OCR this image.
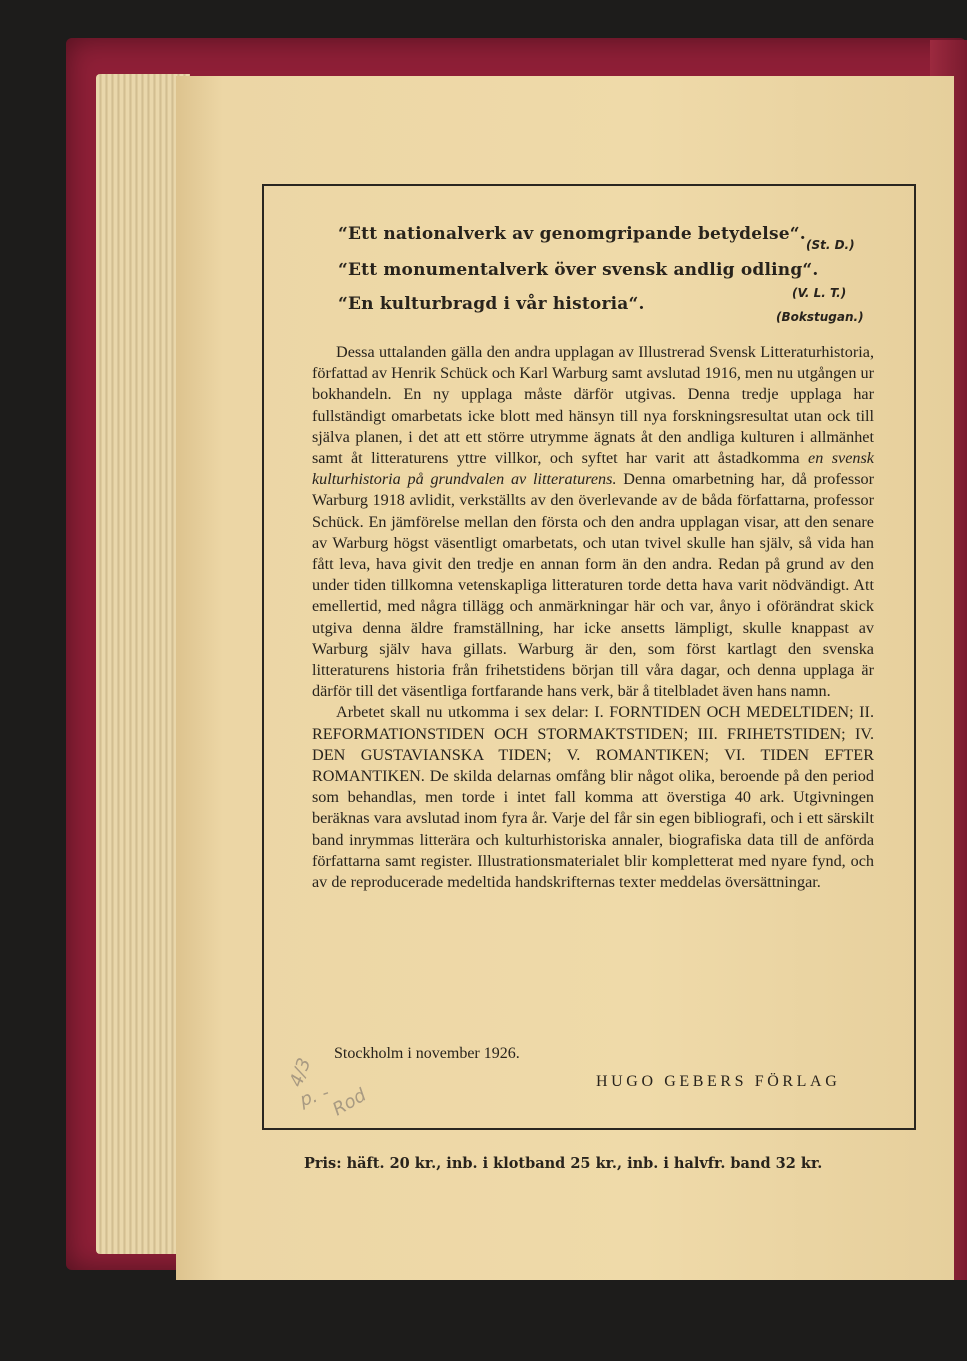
“Ett nationalverk av genomgripande betydelse“.
(St. D.)
“Ett monumentalverk över svensk andlig odling“.
(V. L. T.)
“En kulturbragd i vår historia“.
(Bokstugan.)

Dessa uttalanden gälla den andra upplagan av Illustrerad Svensk Litteraturhistoria, författad av Henrik Schück och Karl Warburg samt avslutad 1916, men nu utgången ur bokhandeln. En ny upplaga måste därför utgivas. Denna tredje upplaga har fullständigt omarbetats icke blott med hänsyn till nya forskningsresultat utan ock till själva planen, i det att ett större utrymme ägnats åt den andliga kulturen i allmänhet samt åt litteraturens yttre villkor, och syftet har varit att åstadkomma en svensk kulturhistoria på grundvalen av litteraturens. Denna omarbetning har, då professor Warburg 1918 avlidit, verkställts av den överlevande av de båda författarna, professor Schück. En jämförelse mellan den första och den andra upplagan visar, att den senare av Warburg högst väsentligt omarbetats, och utan tvivel skulle han själv, så vida han fått leva, hava givit den tredje en annan form än den andra. Redan på grund av den under tiden tillkomna vetenskapliga litteraturen torde detta hava varit nödvändigt. Att emellertid, med några tillägg och anmärkningar här och var, ånyo i oförändrat skick utgiva denna äldre framställning, har icke ansetts lämpligt, skulle knappast av Warburg själv hava gillats. Warburg är den, som först kartlagt den svenska litteraturens historia från frihetstidens början till våra dagar, och denna upplaga är därför till det väsentliga fortfarande hans verk, bär å titelbladet även hans namn.

Arbetet skall nu utkomma i sex delar: I. FORNTIDEN OCH MEDELTIDEN; II. REFORMATIONSTIDEN OCH STORMAKTSTIDEN; III. FRIHETSTIDEN; IV. DEN GUSTAVIANSKA TIDEN; V. ROMANTIKEN; VI. TIDEN EFTER ROMANTIKEN. De skilda delarnas omfång blir något olika, beroende på den period som behandlas, men torde i intet fall komma att överstiga 40 ark. Utgivningen beräknas vara avslutad inom fyra år. Varje del får sin egen bibliografi, och i ett särskilt band inrymmas litterära och kulturhistoriska annaler, biografiska data till de anförda författarna samt register. Illustrationsmaterialet blir kompletterat med nyare fynd, och av de reproducerade medeltida handskrifternas texter meddelas översättningar.

Stockholm i november 1926.
HUGO GEBERS FÖRLAG
4/3
p. -
Rod
Pris: häft. 20 kr., inb. i klotband 25 kr., inb. i halvfr. band 32 kr.
